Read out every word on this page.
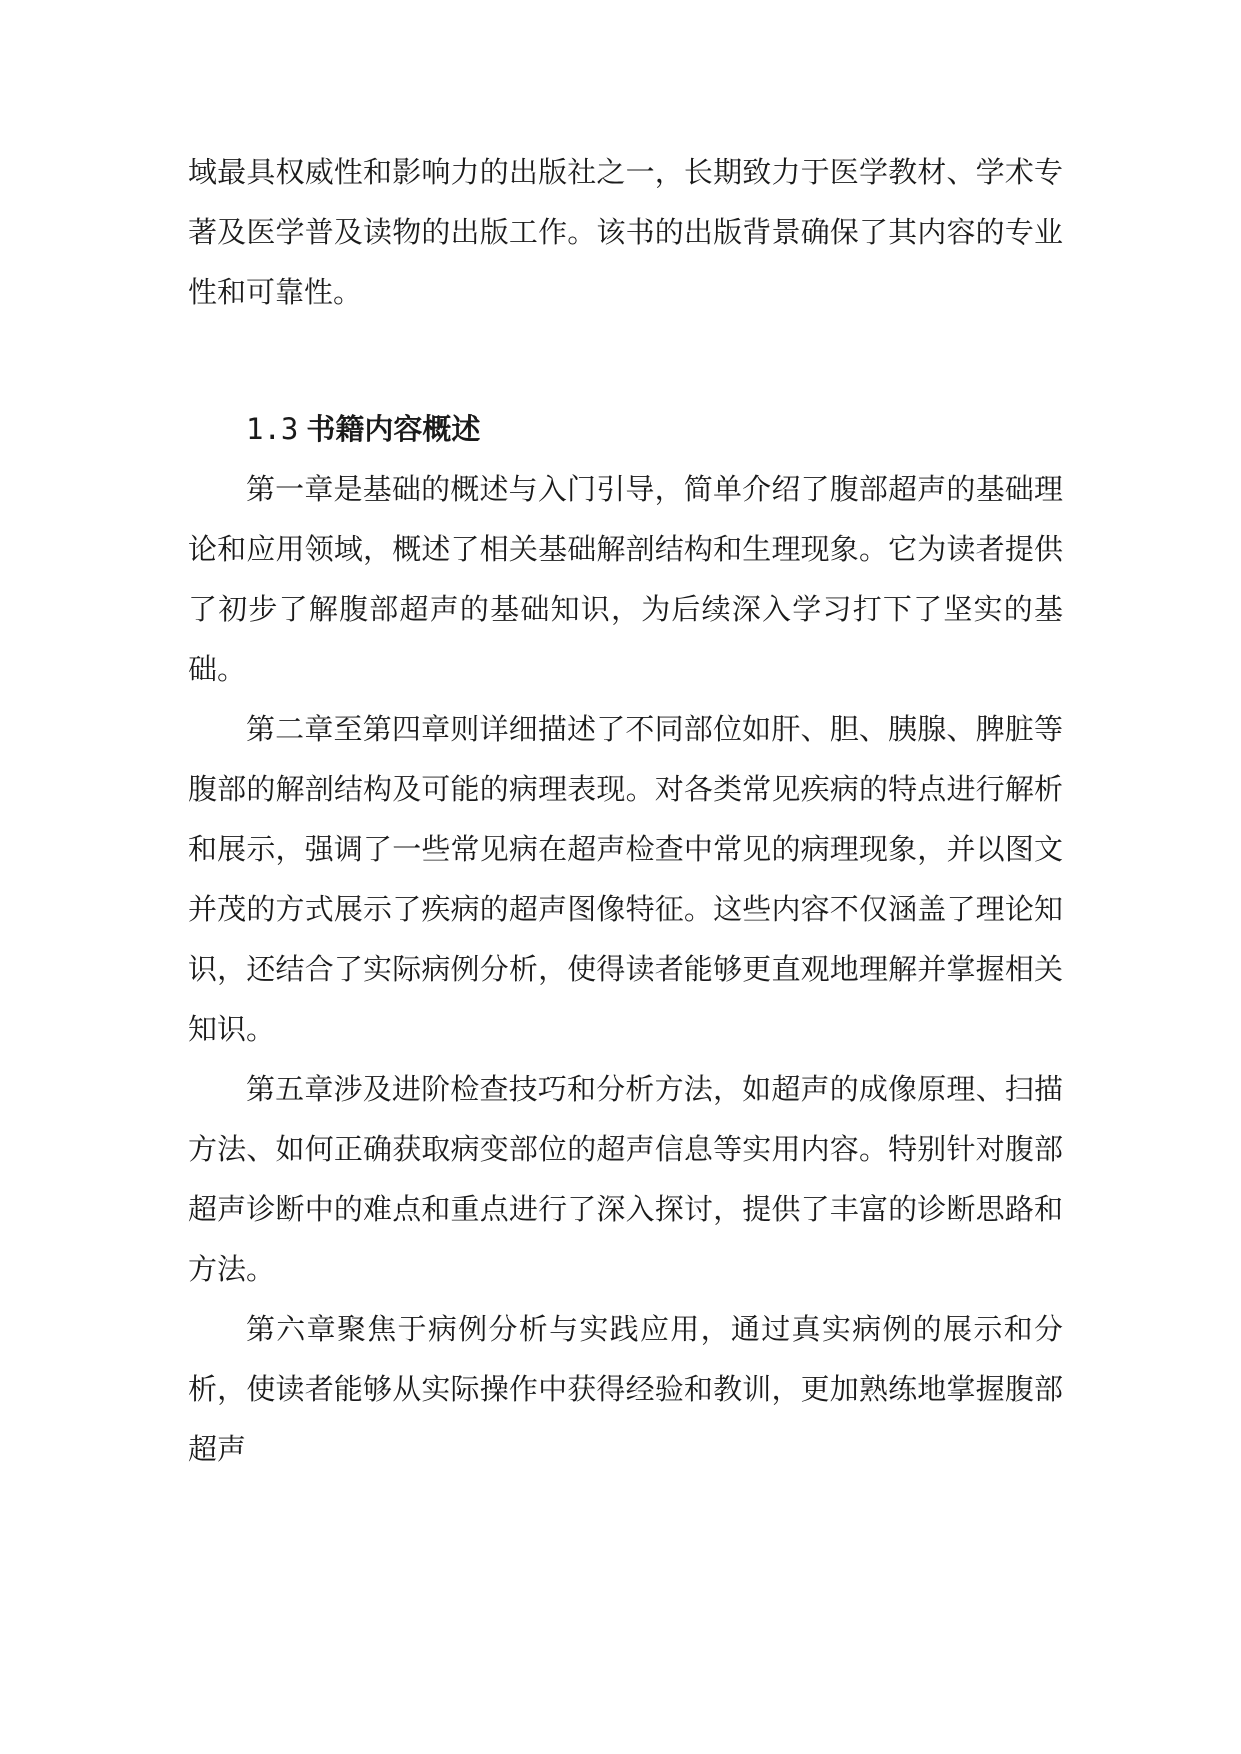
域最具权威性和影响力的出版社之一，长期致力于医学教材、学术专著及医学普及读物的出版工作。该书的出版背景确保了其内容的专业性和可靠性。

1.3 书籍内容概述

第一章是基础的概述与入门引导，简单介绍了腹部超声的基础理论和应用领域，概述了相关基础解剖结构和生理现象。它为读者提供了初步了解腹部超声的基础知识，为后续深入学习打下了坚实的基础。

第二章至第四章则详细描述了不同部位如肝、胆、胰腺、脾脏等腹部的解剖结构及可能的病理表现。对各类常见疾病的特点进行解析和展示，强调了一些常见病在超声检查中常见的病理现象，并以图文并茂的方式展示了疾病的超声图像特征。这些内容不仅涵盖了理论知识，还结合了实际病例分析，使得读者能够更直观地理解并掌握相关知识。

第五章涉及进阶检查技巧和分析方法，如超声的成像原理、扫描方法、如何正确获取病变部位的超声信息等实用内容。特别针对腹部超声诊断中的难点和重点进行了深入探讨，提供了丰富的诊断思路和方法。

第六章聚焦于病例分析与实践应用，通过真实病例的展示和分析，使读者能够从实际操作中获得经验和教训，更加熟练地掌握腹部超声
